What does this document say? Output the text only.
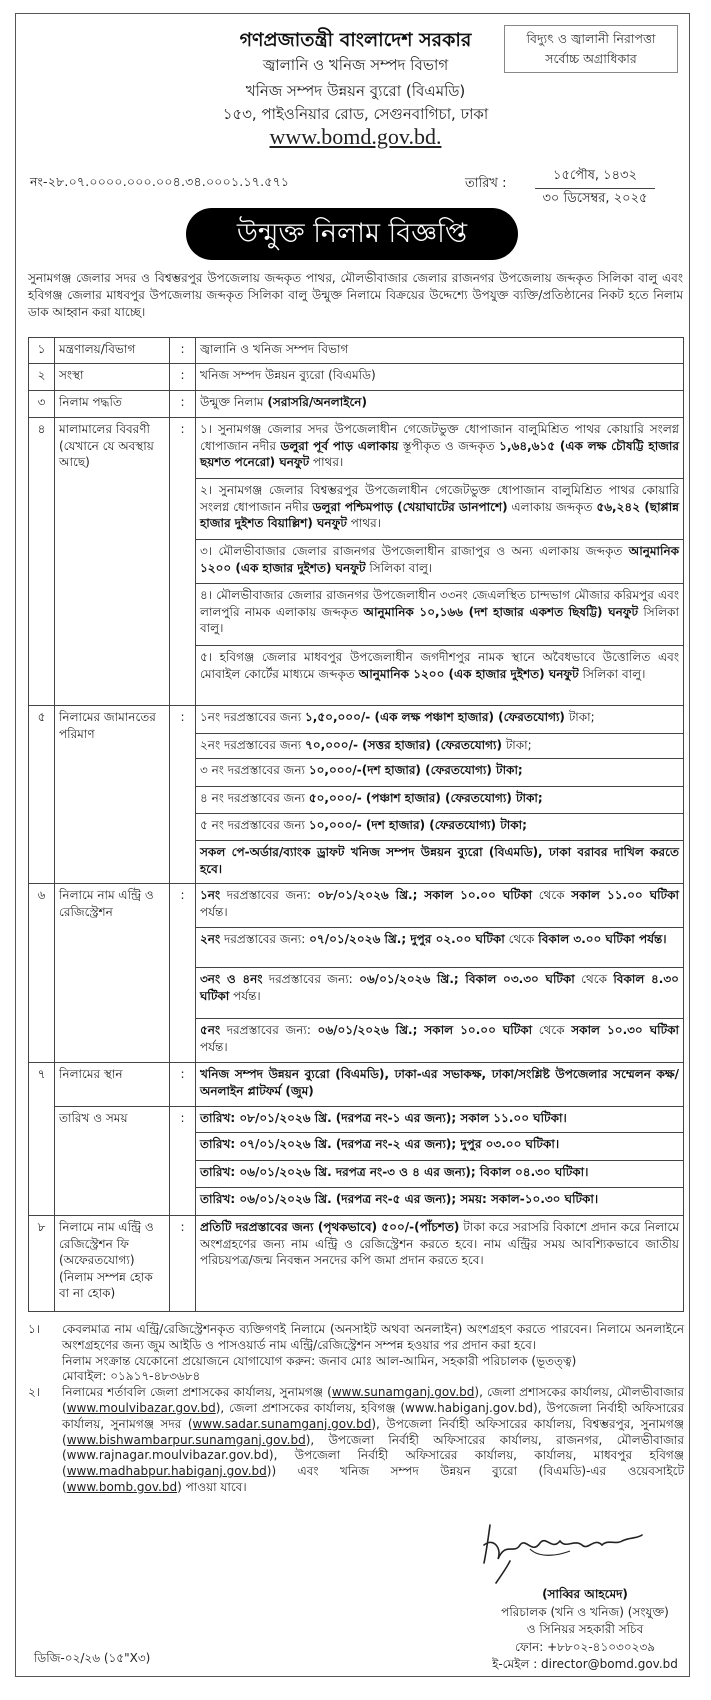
গণপ্রজাতন্ত্রী বাংলাদেশ সরকার
জ্বালানি ও খনিজ সম্পদ বিভাগ
খনিজ সম্পদ উন্নয়ন ব্যুরো (বিএমডি)
১৫৩, পাইওনিয়ার রোড, সেগুনবাগিচা, ঢাকা
www.bomd.gov.bd.
বিদ্যুৎ ও জ্বালানী নিরাপত্তা
সর্বোচ্চ অগ্রাধিকার
নং-২৮.০৭.০০০০.০০০.০০৪.৩৪.০০০১.১৭.৫৭১	তারিখ :
১৫পৌষ, ১৪৩২
৩০ ডিসেম্বর, ২০২৫
উন্মুক্ত নিলাম বিজ্ঞপ্তি
সুনামগঞ্জ জেলার সদর ও বিশ্বম্ভরপুর উপজেলায় জব্দকৃত পাথর, মৌলভীবাজার জেলার রাজনগর উপজেলায় জব্দকৃত সিলিকা বালু এবং হবিগঞ্জ জেলার মাধবপুর উপজেলায় জব্দকৃত সিলিকা বালু উন্মুক্ত নিলামে বিক্রয়ের উদ্দেশ্যে উপযুক্ত ব্যক্তি/প্রতিষ্ঠানের নিকট হতে নিলাম ডাক আহ্বান করা যাচ্ছে।
১	মন্ত্রণালয়/বিভাগ	:	জ্বালানি ও খনিজ সম্পদ বিভাগ
২	সংস্থা	:	খনিজ সম্পদ উন্নয়ন ব্যুরো (বিএমডি)
৩	নিলাম পদ্ধতি	:	উন্মুক্ত নিলাম (সরাসরি/অনলাইনে)
৪	মালামালের বিবরণী (যেখানে যে অবস্থায় আছে)	:	১। সুনামগঞ্জ জেলার সদর উপজেলাধীন গেজেটভুক্ত ধোপাজান বালুমিশ্রিত পাথর কোয়ারি সংলগ্ন ধোপাজান নদীর ডলুরা পূর্ব পাড় এলাকায় স্তূপীকৃত ও জব্দকৃত ১,৬৪,৬১৫ (এক লক্ষ চৌষট্টি হাজার ছয়শত পনেরো) ঘনফুট পাথর।
			২। সুনামগঞ্জ জেলার বিশ্বম্ভরপুর উপজেলাধীন গেজেটভুক্ত ধোপাজান বালুমিশ্রিত পাথর কোয়ারি সংলগ্ন ধোপাজান নদীর ডলুরা পশ্চিমপাড় (খেয়াঘাটের ডানপাশে) এলাকায় জব্দকৃত ৫৬,২৪২ (ছাপ্পান্ন হাজার দুইশত বিয়াল্লিশ) ঘনফুট পাথর।
			৩। মৌলভীবাজার জেলার রাজনগর উপজেলাধীন রাজাপুর ও অন্য এলাকায় জব্দকৃত আনুমানিক ১২০০ (এক হাজার দুইশত) ঘনফুট সিলিকা বালু।
			৪। মৌলভীবাজার জেলার রাজনগর উপজেলাধীন ৩৩নং জেএলস্থিত চান্দভাগ মৌজার করিমপুর এবং লালপুরি নামক এলাকায় জব্দকৃত আনুমানিক ১০,১৬৬ (দশ হাজার একশত ছিষট্টি) ঘনফুট সিলিকা বালু।
			৫। হবিগঞ্জ জেলার মাধবপুর উপজেলাধীন জগদীশপুর নামক স্থানে অবৈধভাবে উত্তোলিত এবং মোবাইল কোর্টের মাধ্যমে জব্দকৃত আনুমানিক ১২০০ (এক হাজার দুইশত) ঘনফুট সিলিকা বালু।
৫	নিলামের জামানতের পরিমাণ	:	১নং দরপ্রস্তাবের জন্য ১,৫০,০০০/- (এক লক্ষ পঞ্চাশ হাজার) (ফেরতযোগ্য) টাকা;
			২নং দরপ্রস্তাবের জন্য ৭০,০০০/- (সত্তর হাজার) (ফেরতযোগ্য) টাকা;
			৩ নং দরপ্রস্তাবের জন্য ১০,০০০/-(দশ হাজার) (ফেরতযোগ্য) টাকা;
			৪ নং দরপ্রস্তাবের জন্য ৫০,০০০/- (পঞ্চাশ হাজার) (ফেরতযোগ্য) টাকা;
			৫ নং দরপ্রস্তাবের জন্য ১০,০০০/- (দশ হাজার) (ফেরতযোগ্য) টাকা;
			সকল পে-অর্ডার/ব্যাংক ড্রাফট খনিজ সম্পদ উন্নয়ন ব্যুরো (বিএমডি), ঢাকা বরাবর দাখিল করতে হবে।
৬	নিলামে নাম এন্ট্রি ও রেজিস্ট্রেশন	:	১নং দরপ্রস্তাবের জন্য: ০৮/০১/২০২৬ খ্রি.; সকাল ১০.০০ ঘটিকা থেকে সকাল ১১.০০ ঘটিকা পর্যন্ত।
			২নং দরপ্রস্তাবের জন্য: ০৭/০১/২০২৬ খ্রি.; দুপুর ০২.০০ ঘটিকা থেকে বিকাল ৩.০০ ঘটিকা পর্যন্ত।
			৩নং ও ৪নং দরপ্রস্তাবের জন্য: ০৬/০১/২০২৬ খ্রি.; বিকাল ০৩.৩০ ঘটিকা থেকে বিকাল ৪.৩০ ঘটিকা পর্যন্ত।
			৫নং দরপ্রস্তাবের জন্য: ০৬/০১/২০২৬ খ্রি.; সকাল ১০.০০ ঘটিকা থেকে সকাল ১০.৩০ ঘটিকা পর্যন্ত।
৭	নিলামের স্থান	:	খনিজ সম্পদ উন্নয়ন ব্যুরো (বিএমডি), ঢাকা-এর সভাকক্ষ, ঢাকা/সংশ্লিষ্ট উপজেলার সম্মেলন কক্ষ/অনলাইন প্লাটফর্ম (জুম)
	তারিখ ও সময়	:	তারিখ: ০৮/০১/২০২৬ খ্রি. (দরপত্র নং-১ এর জন্য); সকাল ১১.০০ ঘটিকা।
			তারিখ: ০৭/০১/২০২৬ খ্রি. (দরপত্র নং-২ এর জন্য); দুপুর ০৩.০০ ঘটিকা।
			তারিখ: ০৬/০১/২০২৬ খ্রি. দরপত্র নং-৩ ও ৪ এর জন্য); বিকাল ০৪.৩০ ঘটিকা।
			তারিখ: ০৬/০১/২০২৬ খ্রি. (দরপত্র নং-৫ এর জন্য); সময়: সকাল-১০.৩০ ঘটিকা।
৮	নিলামে নাম এন্ট্রি ও রেজিস্ট্রেশন ফি (অফেরতযোগ্য) (নিলাম সম্পন্ন হোক বা না হোক)	:	প্রতিটি দরপ্রস্তাবের জন্য (পৃথকভাবে) ৫০০/-(পাঁচশত) টাকা করে সরাসরি বিকাশে প্রদান করে নিলামে অংশগ্রহণের জন্য নাম এন্ট্রি ও রেজিস্ট্রেশন করতে হবে। নাম এন্ট্রির সময় আবশ্যিকভাবে জাতীয় পরিচয়পত্র/জন্ম নিবন্ধন সনদের কপি জমা প্রদান করতে হবে।
১।	কেবলমাত্র নাম এন্ট্রি/রেজিস্ট্রেশনকৃত ব্যক্তিগণই নিলামে (অনসাইট অথবা অনলাইন) অংশগ্রহণ করতে পারবেন। নিলামে অনলাইনে অংশগ্রহণের জন্য জুম আইডি ও পাসওয়ার্ড নাম এন্ট্রি/রেজিস্ট্রেশন সম্পন্ন হওয়ার পর প্রদান করা হবে।
নিলাম সংক্রান্ত যেকোনো প্রয়োজনে যোগাযোগ করুন: জনাব মোঃ আল-আমিন, সহকারী পরিচালক (ভূতত্ত্ব)
মোবাইল: ০১৯১৭-৪৮৩৬৮৪
২।	নিলামের শর্তাবলি জেলা প্রশাসকের কার্যালয়, সুনামগঞ্জ (www.sunamganj.gov.bd), জেলা প্রশাসকের কার্যালয়, মৌলভীবাজার (www.moulvibazar.gov.bd), জেলা প্রশাসকের কার্যালয়, হবিগঞ্জ (www.habiganj.gov.bd), উপজেলা নির্বাহী অফিসারের কার্যালয়, সুনামগঞ্জ সদর (www.sadar.sunamganj.gov.bd), উপজেলা নির্বাহী অফিসারের কার্যালয়, বিশ্বম্ভরপুর, সুনামগঞ্জ (www.bishwambarpur.sunamganj.gov.bd), উপজেলা নির্বাহী অফিসারের কার্যালয়, রাজনগর, মৌলভীবাজার (www.rajnagar.moulvibazar.gov.bd), উপজেলা নির্বাহী অফিসারের কার্যালয়, কার্যালয়, মাধবপুর হবিগঞ্জ (www.madhabpur.habiganj.gov.bd)) এবং খনিজ সম্পদ উন্নয়ন ব্যুরো (বিএমডি)-এর ওয়েবসাইটে (www.bomb.gov.bd) পাওয়া যাবে।
(সাব্বির আহমেদ)
পরিচালক (খনি ও খনিজ) (সংযুক্ত)
ও সিনিয়র সহকারী সচিব
ফোন: +৮৮০২-৪১০৩০২৩৯
ই-মেইল : director@bomd.gov.bd
ডিজি-০২/২৬ (১৫"X৩)
